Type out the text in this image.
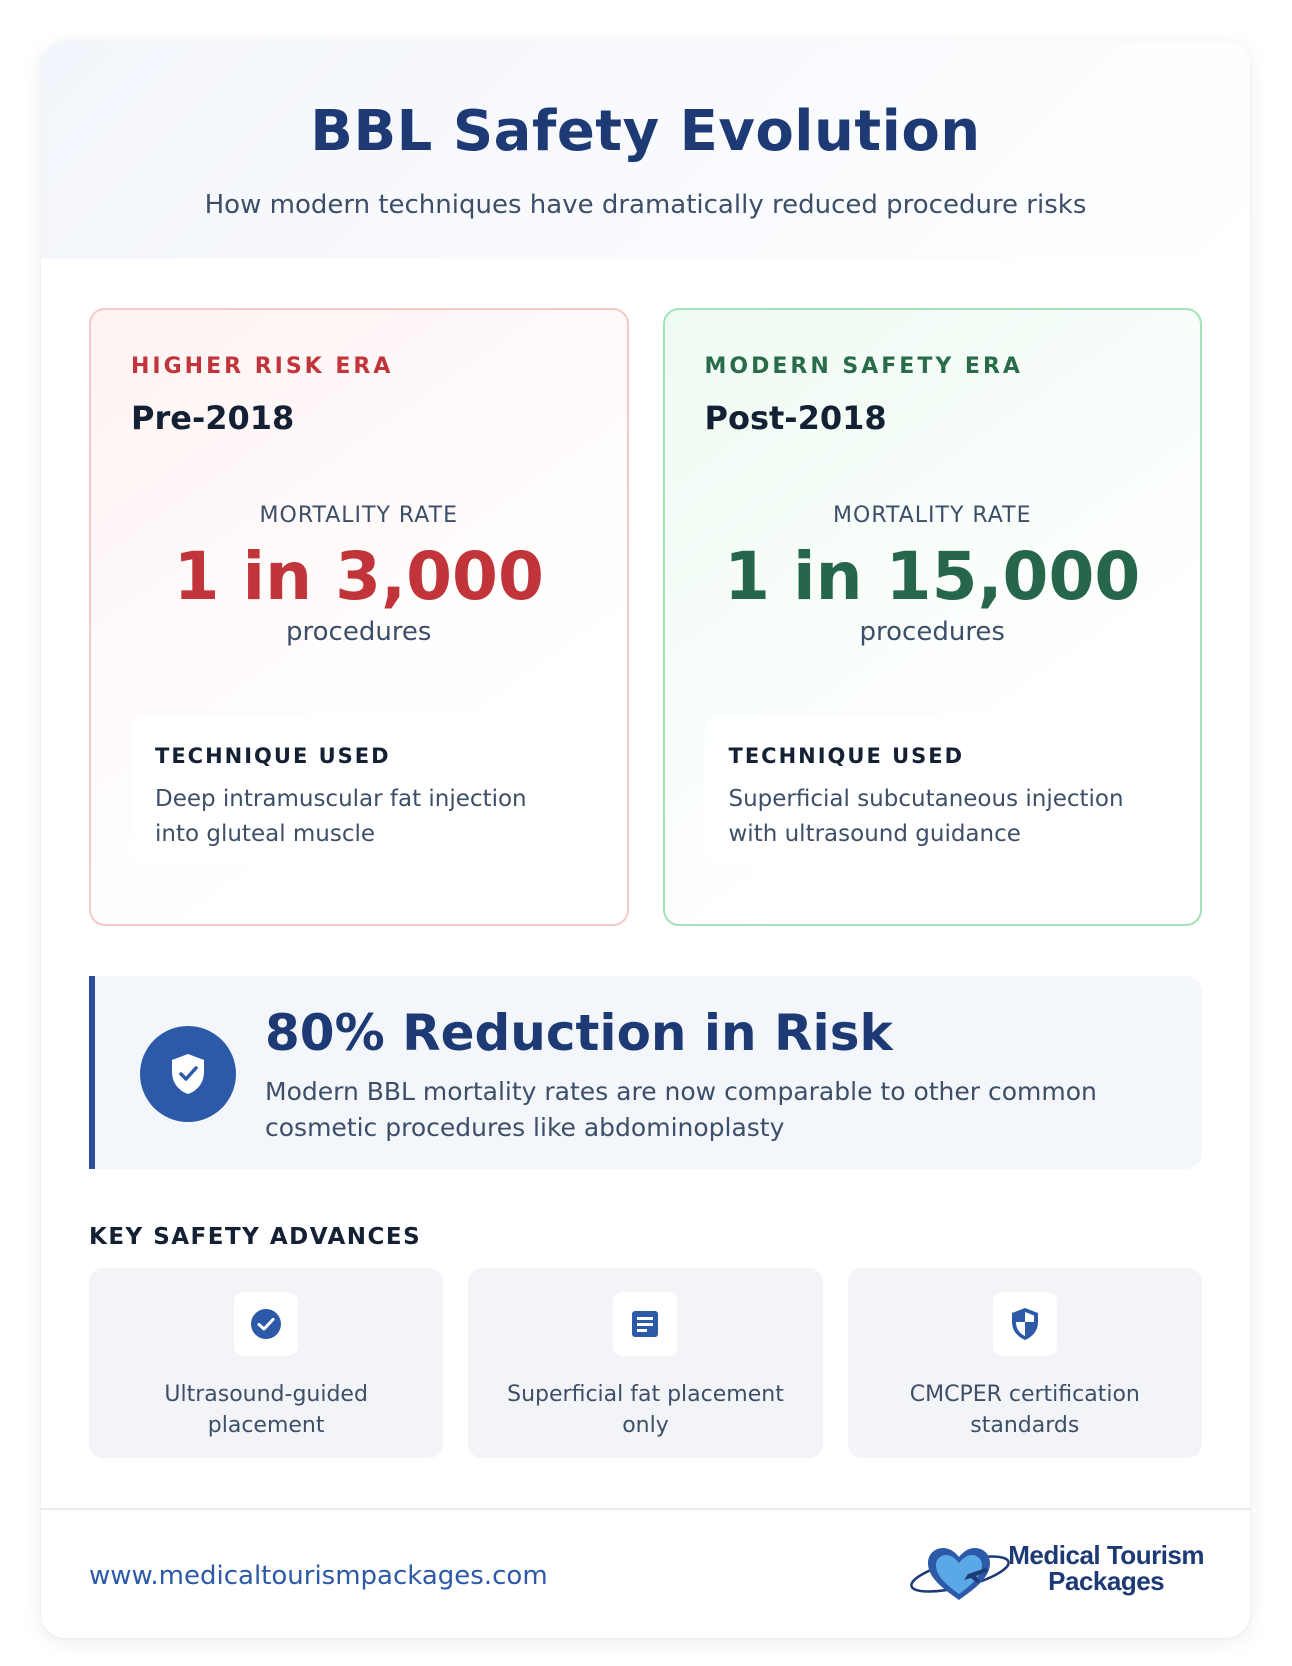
BBL Safety Evolution
How modern techniques have dramatically reduced procedure risks
HIGHER RISK ERA
Pre-2018
MORTALITY RATE
1 in 3,000
procedures
TECHNIQUE USED
Deep intramuscular fat injection into gluteal muscle
MODERN SAFETY ERA
Post-2018
MORTALITY RATE
1 in 15,000
procedures
TECHNIQUE USED
Superficial subcutaneous injection with ultrasound guidance
80% Reduction in Risk
Modern BBL mortality rates are now comparable to other common cosmetic procedures like abdominoplasty
KEY SAFETY ADVANCES
Ultrasound-guided placement
Superficial fat placement only
CMCPER certification standards
www.medicaltourismpackages.com
Medical Tourism
Packages
